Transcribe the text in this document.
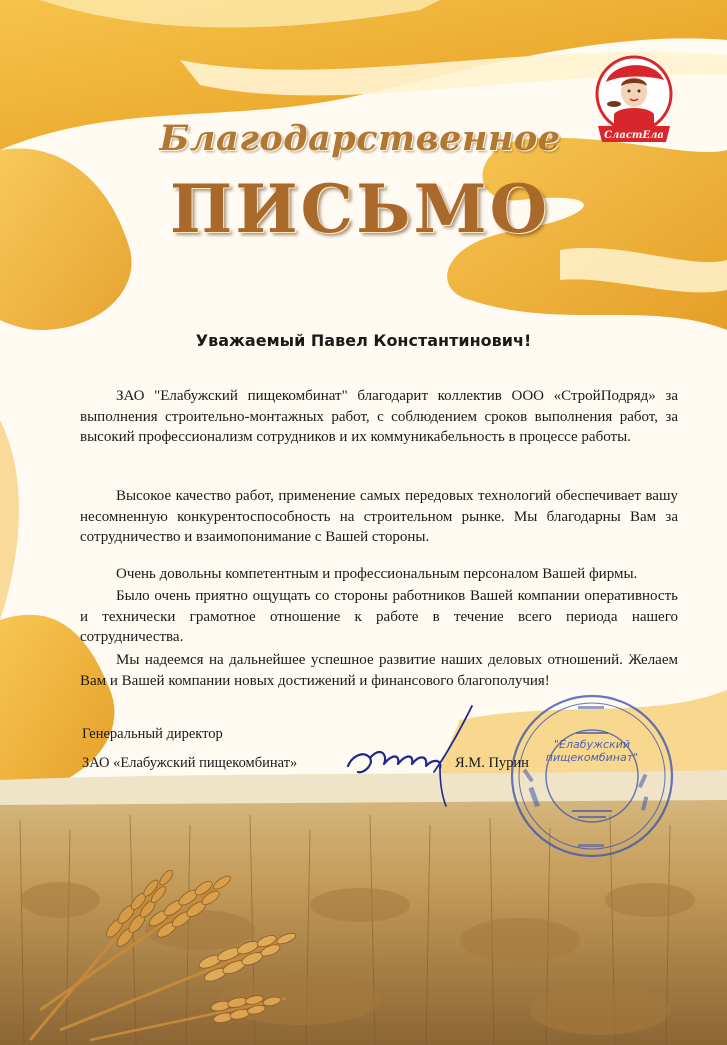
СластЕла
Благодарственное
ПИСЬМО
Уважаемый Павел Константинович!

ЗАО "Елабужский пищекомбинат" благодарит коллектив ООО «СтройПодряд» за выполнения строительно-монтажных работ, с соблюдением сроков выполнения работ, за высокий профессионализм сотрудников и их коммуникабельность в процессе работы.

Высокое качество работ, применение самых передовых технологий обеспечивает вашу несомненную конкурентоспособность на строительном рынке. Мы благодарны Вам за сотрудничество и взаимопонимание с Вашей стороны.

Очень довольны компетентным и профессиональным персоналом Вашей фирмы.

Было очень приятно ощущать со стороны работников Вашей компании оперативность и технически грамотное отношение к работе в течение всего периода нашего сотрудничества.

Мы надеемся на дальнейшее успешное развитие наших деловых отношений. Желаем Вам и Вашей компании новых достижений и финансового благополучия!

Генеральный директор
ЗАО «Елабужский пищекомбинат»
"Елабужский пищекомбинат"
Я.М. Пурин
